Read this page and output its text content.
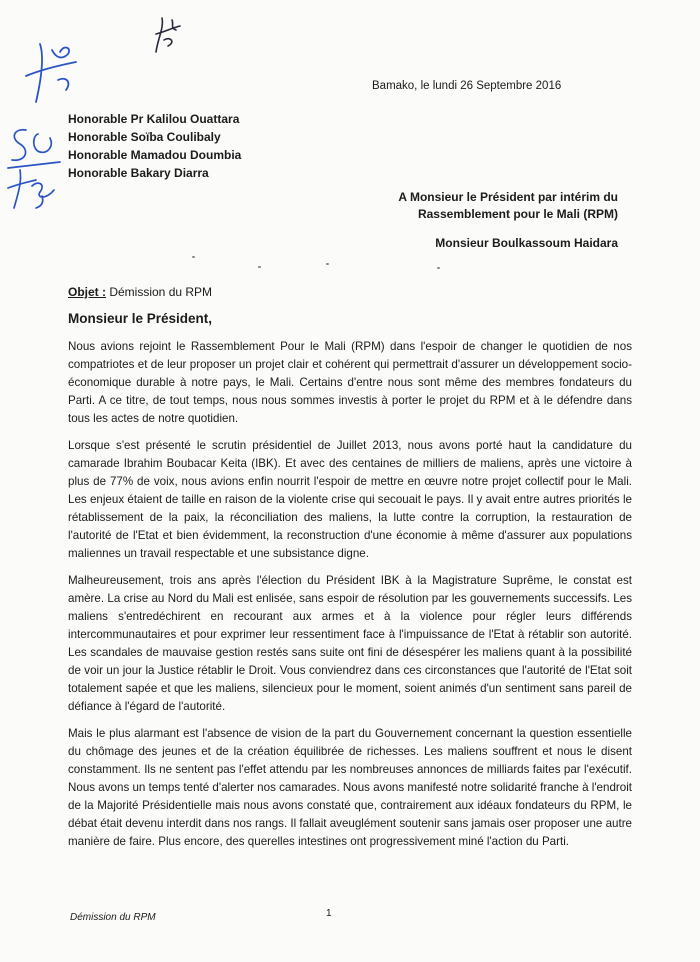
Bamako, le lundi 26 Septembre 2016
Honorable Pr Kalilou Ouattara
Honorable Soïba Coulibaly
Honorable Mamadou Doumbia
Honorable Bakary Diarra
A Monsieur le Président par intérim du
Rassemblement pour le Mali (RPM)
Monsieur Boulkassoum Haidara
Objet : Démission du RPM
Monsieur le Président,

Nous avions rejoint le Rassemblement Pour le Mali (RPM) dans l'espoir de changer le quotidien de nos compatriotes et de leur proposer un projet clair et cohérent qui permettrait d'assurer un développement socio-économique durable à notre pays, le Mali. Certains d'entre nous sont même des membres fondateurs du Parti. A ce titre, de tout temps, nous nous sommes investis à porter le projet du RPM et à le défendre dans tous les actes de notre quotidien.

Lorsque s'est présenté le scrutin présidentiel de Juillet 2013, nous avons porté haut la candidature du camarade Ibrahim Boubacar Keita (IBK). Et avec des centaines de milliers de maliens, après une victoire à plus de 77% de voix, nous avions enfin nourrit l'espoir de mettre en œuvre notre projet collectif pour le Mali. Les enjeux étaient de taille en raison de la violente crise qui secouait le pays. Il y avait entre autres priorités le rétablissement de la paix, la réconciliation des maliens, la lutte contre la corruption, la restauration de l'autorité de l'Etat et bien évidemment, la reconstruction d'une économie à même d'assurer aux populations maliennes un travail respectable et une subsistance digne.

Malheureusement, trois ans après l'élection du Président IBK à la Magistrature Suprême, le constat est amère. La crise au Nord du Mali est enlisée, sans espoir de résolution par les gouvernements successifs. Les maliens s'entredéchirent en recourant aux armes et à la violence pour régler leurs différends intercommunautaires et pour exprimer leur ressentiment face à l'impuissance de l'Etat à rétablir son autorité. Les scandales de mauvaise gestion restés sans suite ont fini de désespérer les maliens quant à la possibilité de voir un jour la Justice rétablir le Droit. Vous conviendrez dans ces circonstances que l'autorité de l'Etat soit totalement sapée et que les maliens, silencieux pour le moment, soient animés d'un sentiment sans pareil de défiance à l'égard de l'autorité.

Mais le plus alarmant est l'absence de vision de la part du Gouvernement concernant la question essentielle du chômage des jeunes et de la création équilibrée de richesses. Les maliens souffrent et nous le disent constamment. Ils ne sentent pas l'effet attendu par les nombreuses annonces de milliards faites par l'exécutif. Nous avons un temps tenté d'alerter nos camarades. Nous avons manifesté notre solidarité franche à l'endroit de la Majorité Présidentielle mais nous avons constaté que, contrairement aux idéaux fondateurs du RPM, le débat était devenu interdit dans nos rangs. Il fallait aveuglément soutenir sans jamais oser proposer une autre manière de faire. Plus encore, des querelles intestines ont progressivement miné l'action du Parti.

Démission du RPM	1
